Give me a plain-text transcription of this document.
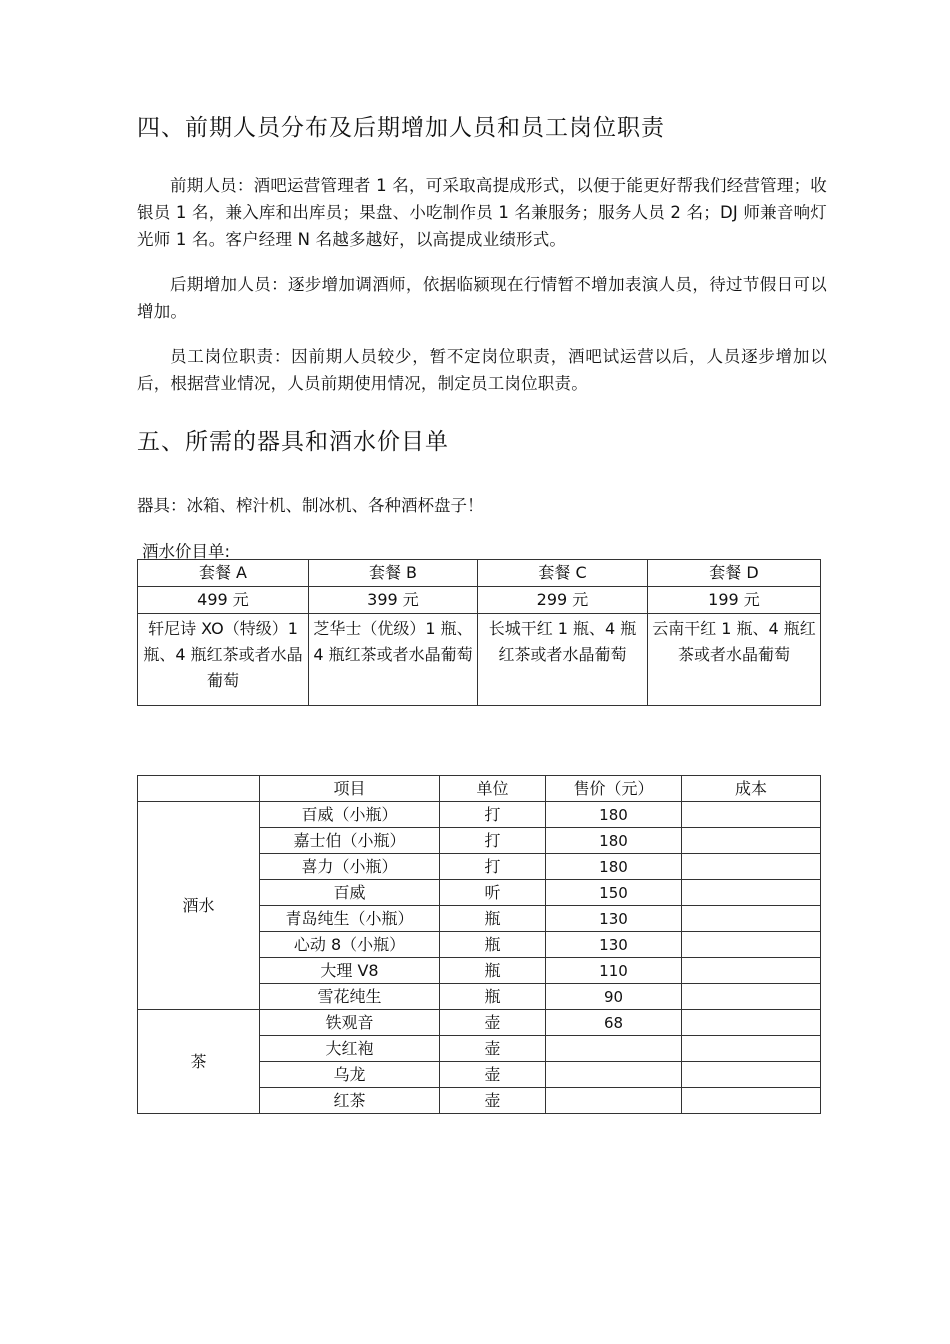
四、前期人员分布及后期增加人员和员工岗位职责
前期人员：酒吧运营管理者 1 名，可采取高提成形式，以便于能更好帮我们经营管理；收银员 1 名，兼入库和出库员；果盘、小吃制作员 1 名兼服务；服务人员 2 名；DJ 师兼音响灯光师 1 名。客户经理 N 名越多越好，以高提成业绩形式。
后期增加人员：逐步增加调酒师，依据临颍现在行情暂不增加表演人员，待过节假日可以增加。
员工岗位职责：因前期人员较少，暂不定岗位职责，酒吧试运营以后，人员逐步增加以后，根据营业情况，人员前期使用情况，制定员工岗位职责。
五、所需的器具和酒水价目单
器具：冰箱、榨汁机、制冰机、各种酒杯盘子！
酒水价目单:
套餐 A	套餐 B	套餐 C	套餐 D
499 元	399 元	299 元	199 元
轩尼诗 XO（特级）1 瓶、4 瓶红茶或者水晶葡萄	芝华士（优级）1 瓶、4 瓶红茶或者水晶葡萄	长城干红 1 瓶、4 瓶红茶或者水晶葡萄	云南干红 1 瓶、4 瓶红茶或者水晶葡萄
	项目	单位	售价（元）	成本
酒水	百威（小瓶）	打	180	
	嘉士伯（小瓶）	打	180	
	喜力（小瓶）	打	180	
	百威	听	150	
	青岛纯生（小瓶）	瓶	130	
	心动 8（小瓶）	瓶	130	
	大理 V8	瓶	110	
	雪花纯生	瓶	90	
茶	铁观音	壶	68	
	大红袍	壶		
	乌龙	壶		
	红茶	壶		
